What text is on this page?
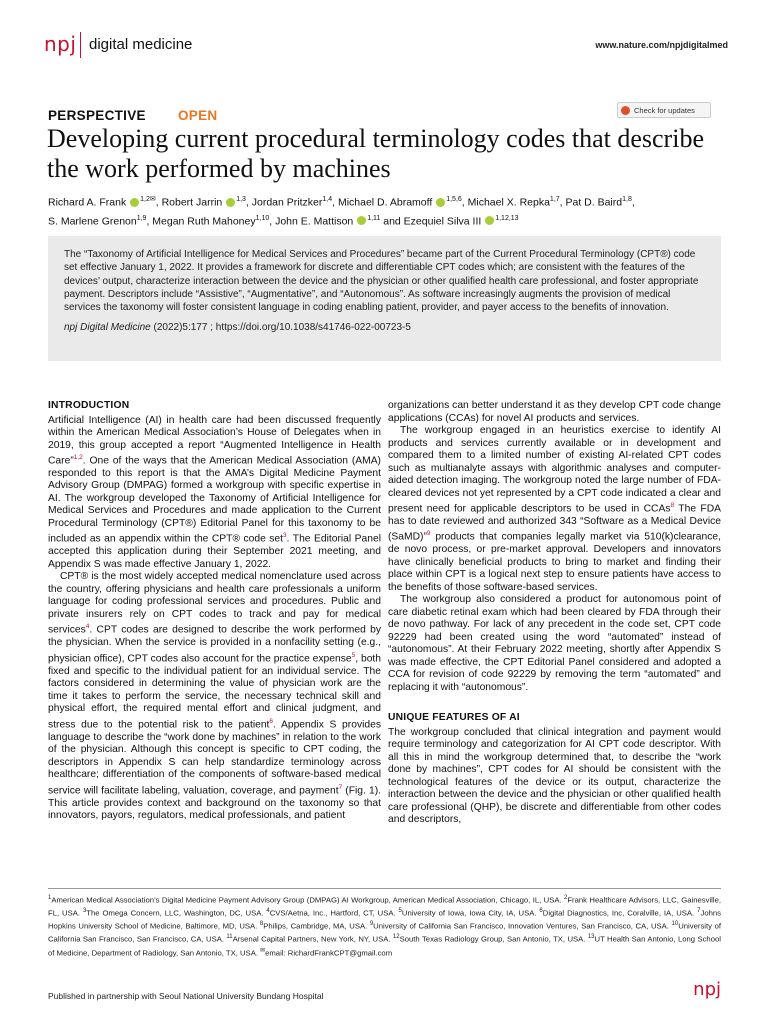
npj digital medicine	www.nature.com/npjdigitalmed
PERSPECTIVE OPEN	Check for updates
Developing current procedural terminology codes that describe the work performed by machines
Richard A. Frank $^{1,2✉}$, Robert Jarrin $^{1,3}$, Jordan Pritzker$^{1,4}$, Michael D. Abramoff $^{1,5,6}$, Michael X. Repka$^{1,7}$, Pat D. Baird$^{1,8}$,
S. Marlene Grenon$^{1,9}$, Megan Ruth Mahoney$^{1,10}$, John E. Mattison $^{1,11}$ and Ezequiel Silva III $^{1,12,13}$
The “Taxonomy of Artificial Intelligence for Medical Services and Procedures” became part of the Current Procedural Terminology (CPT®) code set effective January 1, 2022. It provides a framework for discrete and differentiable CPT codes which; are consistent with the features of the devices’ output, characterize interaction between the device and the physician or other qualified health care professional, and foster appropriate payment. Descriptors include “Assistive”, “Augmentative”, and “Autonomous”. As software increasingly augments the provision of medical services the taxonomy will foster consistent language in coding enabling patient, provider, and payer access to the benefits of innovation.
npj Digital Medicine (2022)5:177 ; https://doi.org/10.1038/s41746-022-00723-5
INTRODUCTION

Artificial Intelligence (AI) in health care had been discussed frequently within the American Medical Association’s House of Delegates when in 2019, this group accepted a report “Augmented Intelligence in Health Care”$^{1,2}$. One of the ways that the American Medical Association (AMA) responded to this report is that the AMA’s Digital Medicine Payment Advisory Group (DMPAG) formed a workgroup with specific expertise in AI. The workgroup developed the Taxonomy of Artificial Intelligence for Medical Services and Procedures and made application to the Current Procedural Terminology (CPT®) Editorial Panel for this taxonomy to be included as an appendix within the CPT® code set$^3$. The Editorial Panel accepted this application during their September 2021 meeting, and Appendix S was made effective January 1, 2022.

CPT® is the most widely accepted medical nomenclature used across the country, offering physicians and health care professionals a uniform language for coding professional services and procedures. Public and private insurers rely on CPT codes to track and pay for medical services$^4$. CPT codes are designed to describe the work performed by the physician. When the service is provided in a nonfacility setting (e.g., physician office), CPT codes also account for the practice expense$^5$, both fixed and specific to the individual patient for an individual service. The factors considered in determining the value of physician work are the time it takes to perform the service, the necessary technical skill and physical effort, the required mental effort and clinical judgment, and stress due to the potential risk to the patient$^6$. Appendix S provides language to describe the “work done by machines” in relation to the work of the physician. Although this concept is specific to CPT coding, the descriptors in Appendix S can help standardize terminology across healthcare; differentiation of the components of software-based medical service will facilitate labeling, valuation, coverage, and payment$^7$ (Fig. 1). This article provides context and background on the taxonomy so that innovators, payors, regulators, medical professionals, and patient

organizations can better understand it as they develop CPT code change applications (CCAs) for novel AI products and services.

The workgroup engaged in an heuristics exercise to identify AI products and services currently available or in development and compared them to a limited number of existing AI-related CPT codes such as multianalyte assays with algorithmic analyses and computer-aided detection imaging. The workgroup noted the large number of FDA-cleared devices not yet represented by a CPT code indicated a clear and present need for applicable descriptors to be used in CCAs$^8$ The FDA has to date reviewed and authorized 343 “Software as a Medical Device (SaMD)”$^9$ products that companies legally market via 510(k)clearance, de novo process, or pre-market approval. Developers and innovators have clinically beneficial products to bring to market and finding their place within CPT is a logical next step to ensure patients have access to the benefits of those software-based services.

The workgroup also considered a product for autonomous point of care diabetic retinal exam which had been cleared by FDA through their de novo pathway. For lack of any precedent in the code set, CPT code 92229 had been created using the word “automated” instead of “autonomous”. At their February 2022 meeting, shortly after Appendix S was made effective, the CPT Editorial Panel considered and adopted a CCA for revision of code 92229 by removing the term “automated” and replacing it with “autonomous”.

UNIQUE FEATURES OF AI

The workgroup concluded that clinical integration and payment would require terminology and categorization for AI CPT code descriptor. With all this in mind the workgroup determined that, to describe the “work done by machines”, CPT codes for AI should be consistent with the technological features of the device or its output, characterize the interaction between the device and the physician or other qualified health care professional (QHP), be discrete and differentiable from other codes and descriptors,

$^1$American Medical Association’s Digital Medicine Payment Advisory Group (DMPAG) AI Workgroup, American Medical Association, Chicago, IL, USA. $^2$Frank Healthcare Advisors, LLC, Gainesville, FL, USA. $^3$The Omega Concern, LLC, Washington, DC, USA. $^4$CVS/Aetna, Inc., Hartford, CT, USA. $^5$University of Iowa, Iowa City, IA, USA. $^6$Digital Diagnostics, Inc, Coralville, IA, USA. $^7$Johns Hopkins University School of Medicine, Baltimore, MD, USA. $^8$Philips, Cambridge, MA, USA. $^9$University of California San Francisco, Innovation Ventures, San Francisco, CA, USA. $^{10}$University of California San Francisco, San Francisco, CA, USA. $^{11}$Arsenal Capital Partners, New York, NY, USA. $^{12}$South Texas Radiology Group, San Antonio, TX, USA. $^{13}$UT Health San Antonio, Long School of Medicine, Department of Radiology, San Antonio, TX, USA. ✉email: RichardFrankCPT@gmail.com
Published in partnership with Seoul National University Bundang Hospital	npj
